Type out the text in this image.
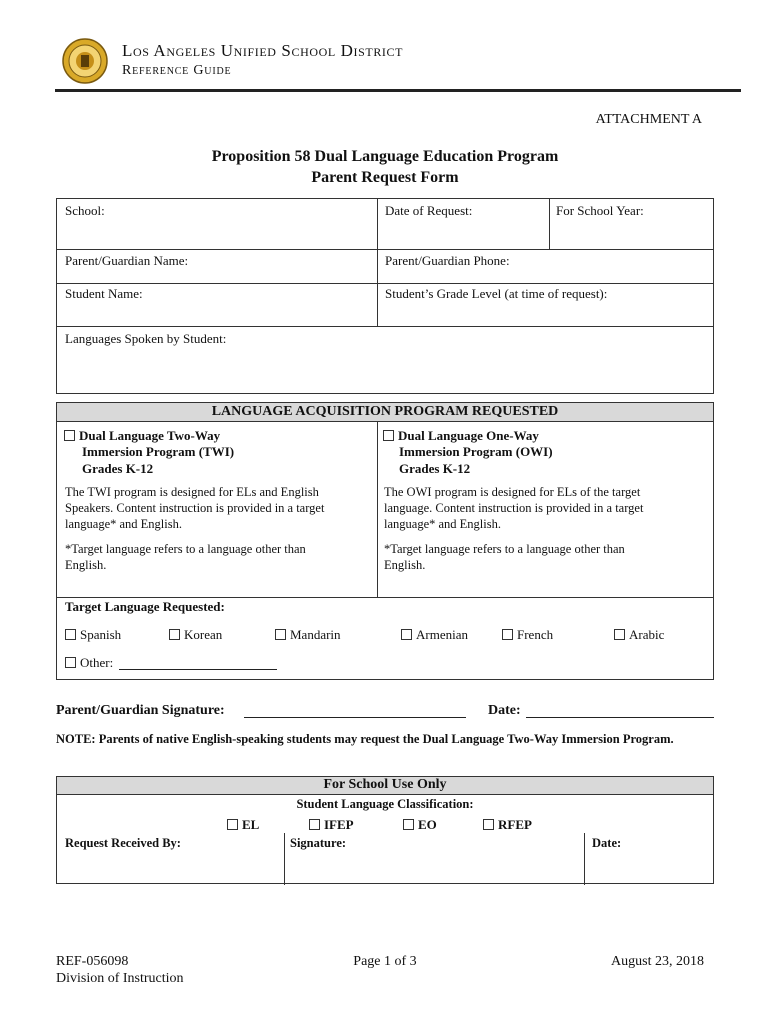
Los Angeles Unified School District
Reference Guide
ATTACHMENT A
Proposition 58 Dual Language Education Program
Parent Request Form
School:	Date of Request:	For School Year:
Parent/Guardian Name:	Parent/Guardian Phone:
Student Name:	Student’s Grade Level (at time of request):
Languages Spoken by Student:
LANGUAGE ACQUISITION PROGRAM REQUESTED
Dual Language Two-Way
Immersion Program (TWI)
Grades K-12
The TWI program is designed for ELs and English Speakers. Content instruction is provided in a target language* and English.
*Target language refers to a language other than English.
Dual Language One-Way
Immersion Program (OWI)
Grades K-12
The OWI program is designed for ELs of the target language. Content instruction is provided in a target language* and English.
*Target language refers to a language other than English.
Target Language Requested:
Spanish	Korean	Mandarin	Armenian	French	Arabic
Other:
Parent/Guardian Signature:	Date:
NOTE: Parents of native English-speaking students may request the Dual Language Two-Way Immersion Program.
For School Use Only
Student Language Classification:
EL	IFEP	EO	RFEP
Request Received By:	Signature:	Date:
REF-056098
Division of Instruction
Page 1 of 3	August 23, 2018
